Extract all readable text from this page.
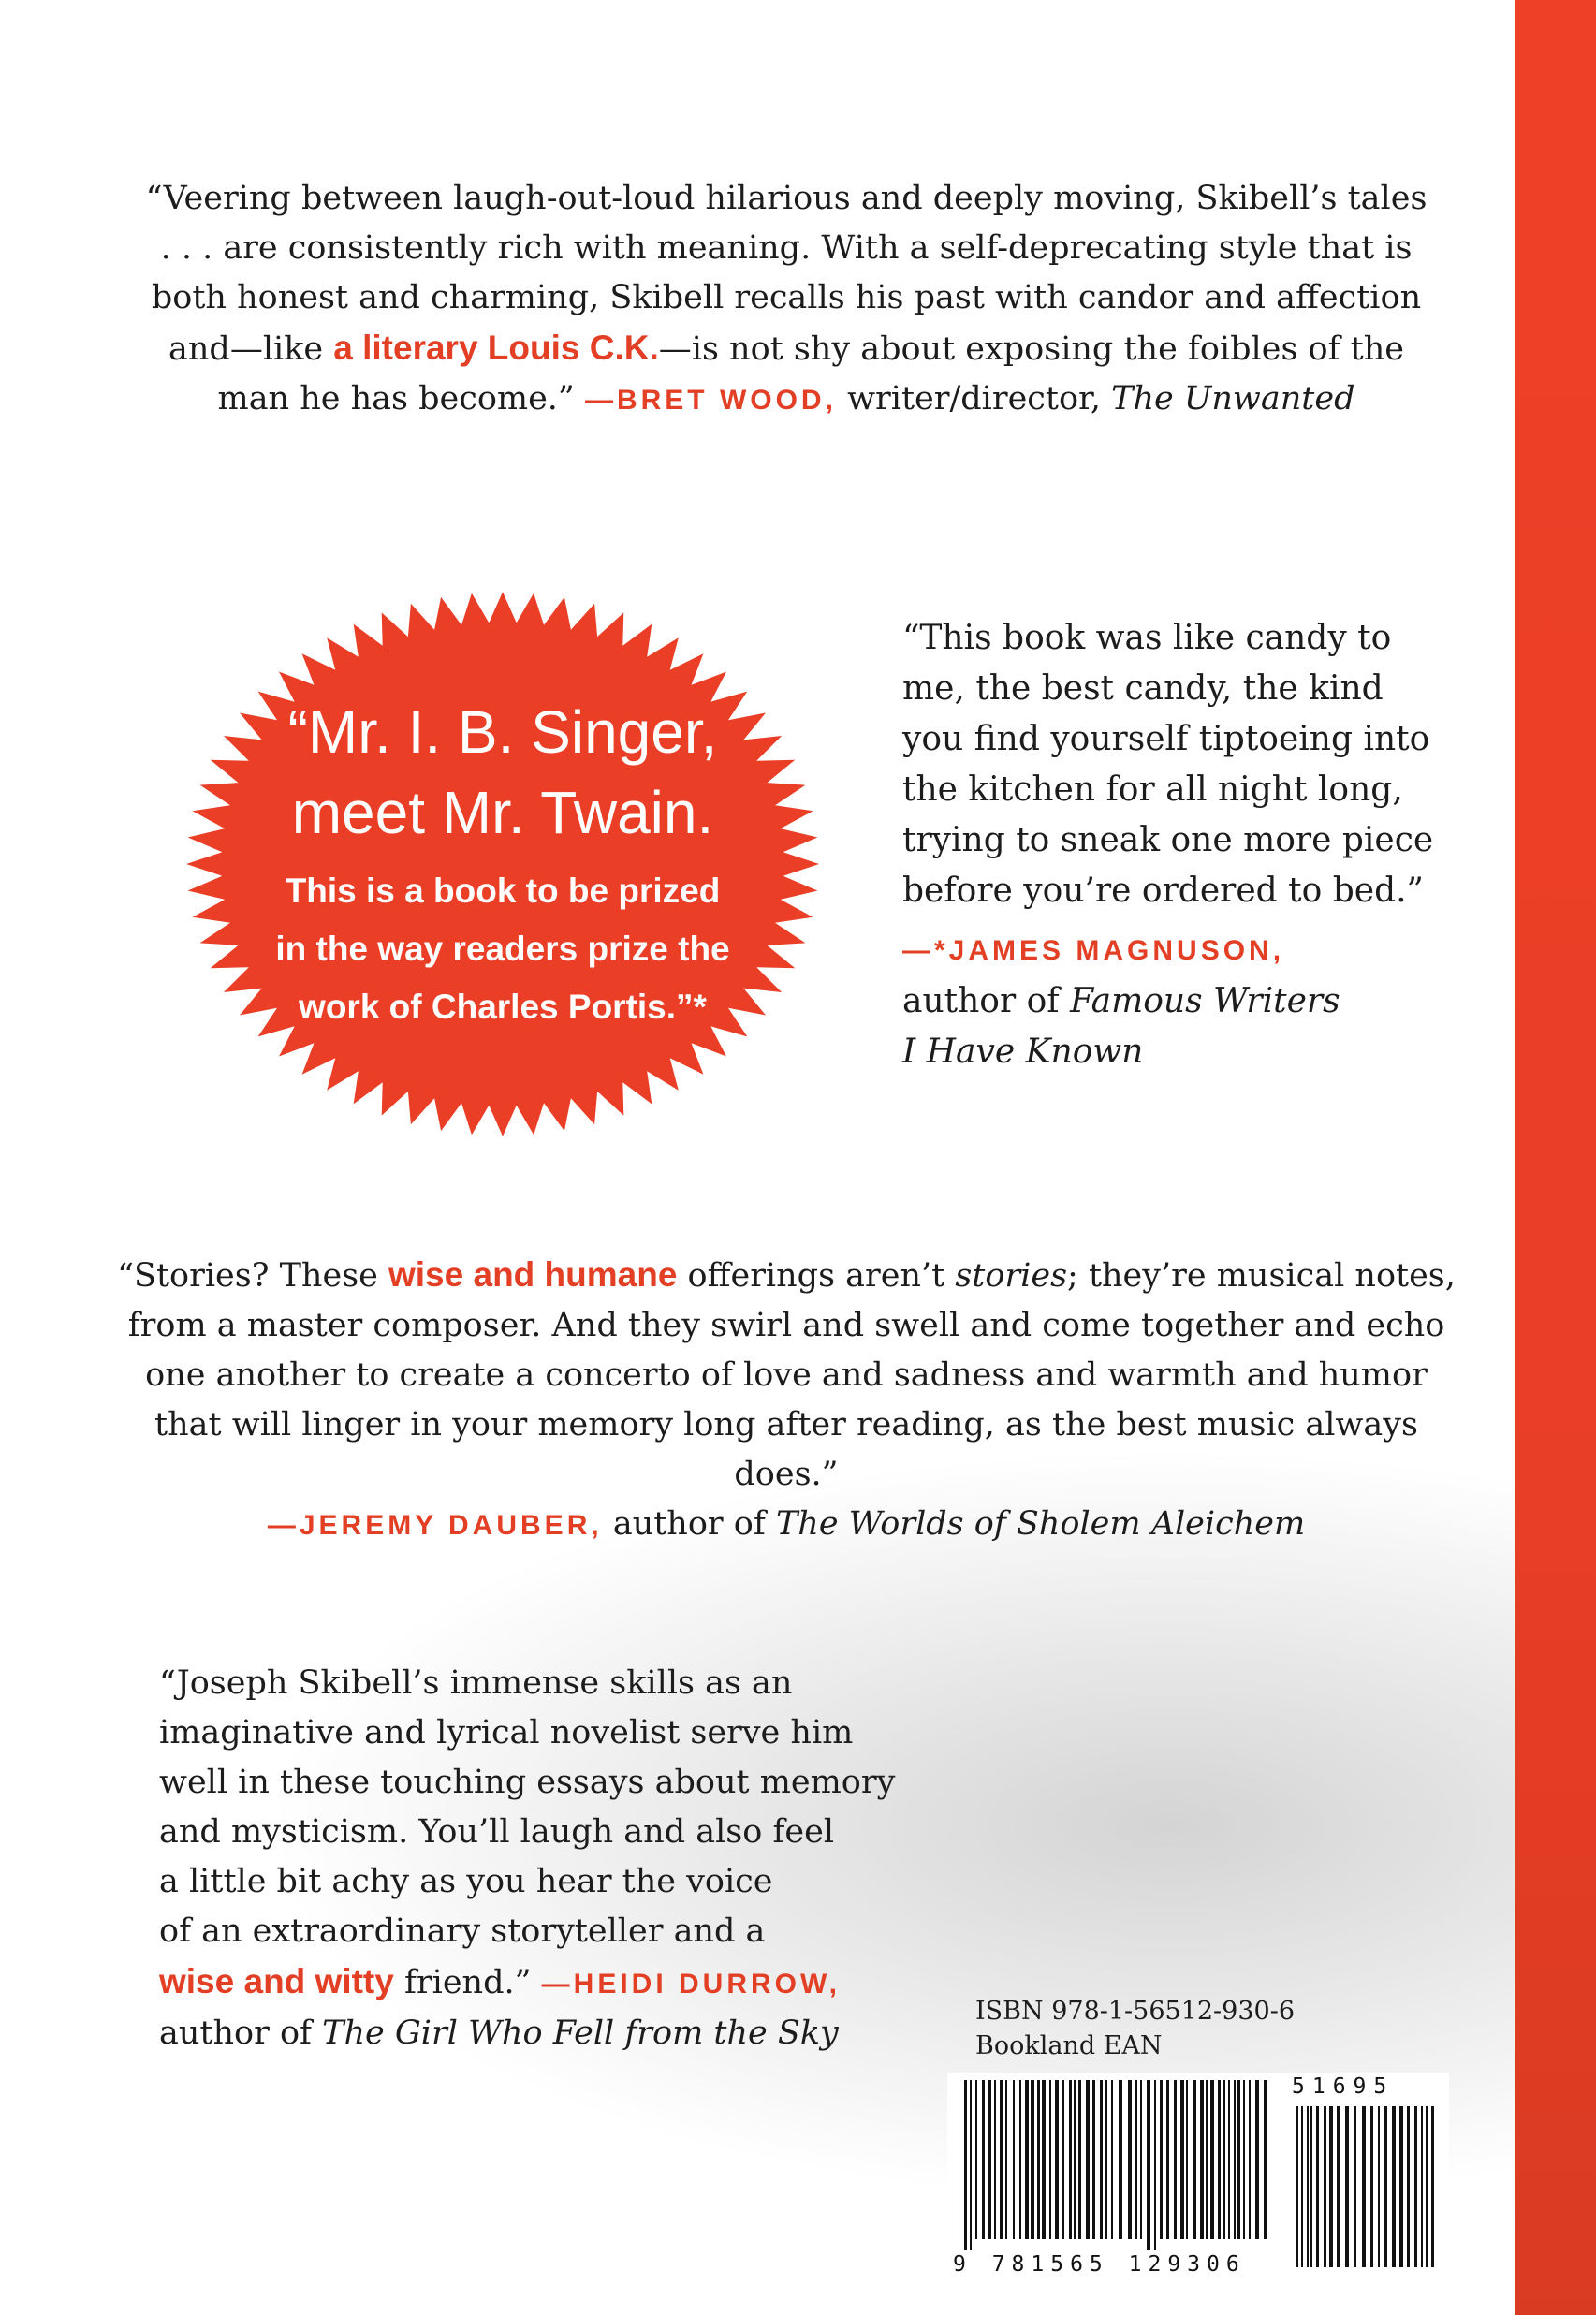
“Veering between laugh-out-loud hilarious and deeply moving, Skibell’s tales . . . are consistently rich with meaning. With a self-deprecating style that is both honest and charming, Skibell recalls his past with candor and affection and—like a literary Louis C.K.—is not shy about exposing the foibles of the man he has become.” —BRET WOOD, writer/director, The Unwanted
“Mr. I. B. Singer,
meet Mr. Twain.
This is a book to be prized
in the way readers prize the
work of Charles Portis.”*
“This book was like candy to
me, the best candy, the kind
you find yourself tiptoeing into
the kitchen for all night long,
trying to sneak one more piece
before you’re ordered to bed.”
—*JAMES MAGNUSON,
author of Famous Writers
I Have Known
“Stories? These wise and humane offerings aren’t stories; they’re musical notes, from a master composer. And they swirl and swell and come together and echo one another to create a concerto of love and sadness and warmth and humor that will linger in your memory long after reading, as the best music always does.”
—JEREMY DAUBER, author of The Worlds of Sholem Aleichem
“Joseph Skibell’s immense skills as an
imaginative and lyrical novelist serve him
well in these touching essays about memory
and mysticism. You’ll laugh and also feel
a little bit achy as you hear the voice
of an extraordinary storyteller and a
wise and witty friend.” —HEIDI DURROW,
author of The Girl Who Fell from the Sky
ISBN 978-1-56512-930-6
Bookland EAN
9 781565 129306
51695
